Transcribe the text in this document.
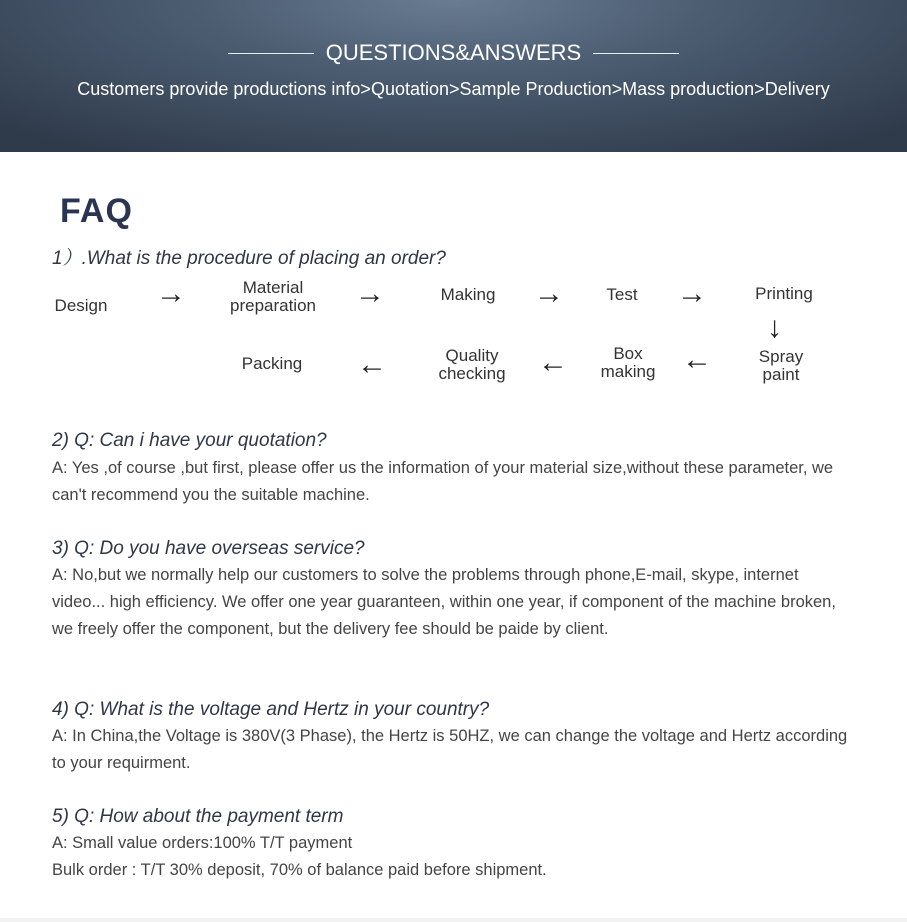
QUESTIONS&ANSWERS
Customers provide productions info>Quotation>Sample Production>Mass production>Delivery
FAQ
1）.What is the procedure of placing an order?
Design →	Material
preparation →	Making → Test →	Printing
↓
Packing ←	Quality
checking ←	Box
making ←	Spray
paint
2) Q: Can i have your quotation?
A: Yes ,of course ,but first, please offer us the information of your material size,without these parameter, we can't recommend you the suitable machine.
3) Q: Do you have overseas service?
A: No,but we normally help our customers to solve the problems through phone,E-mail, skype, internet video... high efficiency. We offer one year guaranteen, within one year, if component of the machine broken, we freely offer the component, but the delivery fee should be paide by client.
4) Q: What is the voltage and Hertz in your country?
A: In China,the Voltage is 380V(3 Phase), the Hertz is 50HZ, we can change the voltage and Hertz according to your requirment.
5) Q: How about the payment term
A: Small value orders:100% T/T payment
Bulk order : T/T 30% deposit, 70% of balance paid before shipment.
